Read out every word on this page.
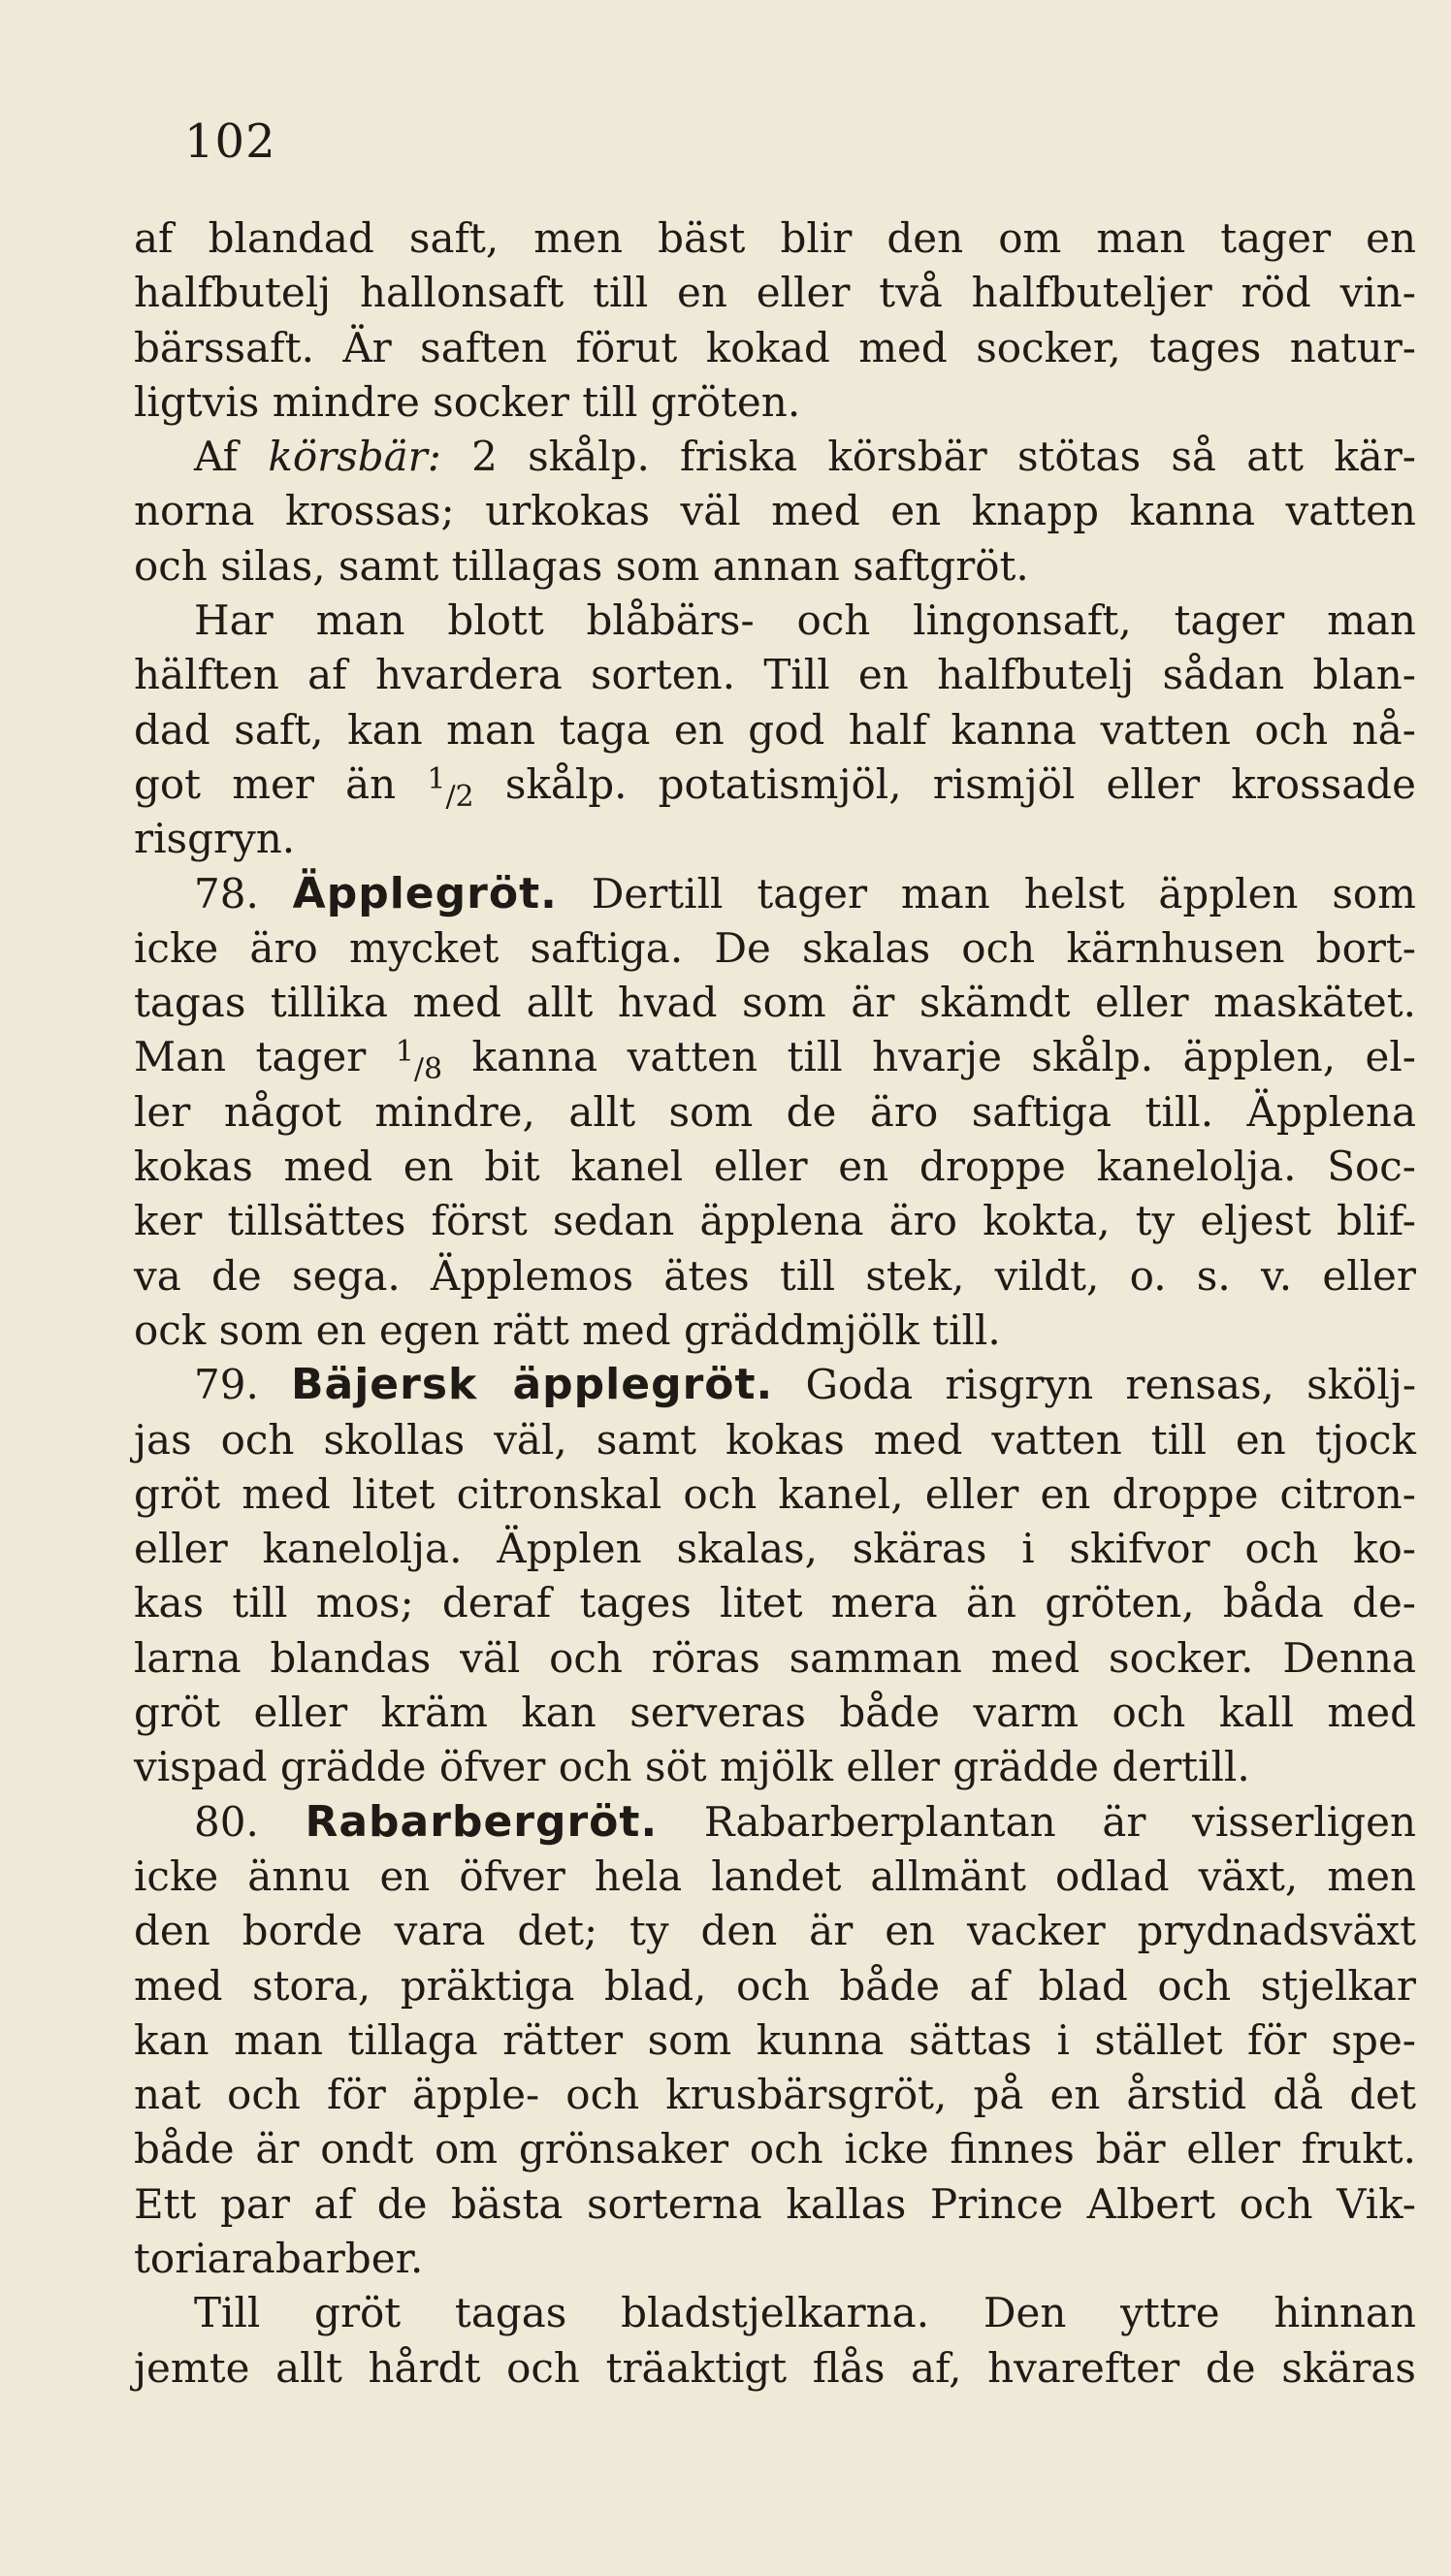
102
af blandad saft, men bäst blir den om man tager en
halfbutelj hallonsaft till en eller två halfbuteljer röd vin-
bärssaft. Är saften förut kokad med socker, tages natur-
ligtvis mindre socker till gröten.
Af körsbär: 2 skålp. friska körsbär stötas så att kär-
norna krossas; urkokas väl med en knapp kanna vatten
och silas, samt tillagas som annan saftgröt.
Har man blott blåbärs- och lingonsaft, tager man
hälften af hvardera sorten. Till en halfbutelj sådan blan-
dad saft, kan man taga en god half kanna vatten och nå-
got mer än $^1$/2 skålp. potatismjöl, rismjöl eller krossade
risgryn.
78. Äpplegröt. Dertill tager man helst äpplen som
icke äro mycket saftiga. De skalas och kärnhusen bort-
tagas tillika med allt hvad som är skämdt eller maskätet.
Man tager $^1$/8 kanna vatten till hvarje skålp. äpplen, el-
ler något mindre, allt som de äro saftiga till. Äpplena
kokas med en bit kanel eller en droppe kanelolja. Soc-
ker tillsättes först sedan äpplena äro kokta, ty eljest blif-
va de sega. Äpplemos ätes till stek, vildt, o. s. v. eller
ock som en egen rätt med gräddmjölk till.
79. Bäjersk äpplegröt. Goda risgryn rensas, skölj-
jas och skollas väl, samt kokas med vatten till en tjock
gröt med litet citronskal och kanel, eller en droppe citron-
eller kanelolja. Äpplen skalas, skäras i skifvor och ko-
kas till mos; deraf tages litet mera än gröten, båda de-
larna blandas väl och röras samman med socker. Denna
gröt eller kräm kan serveras både varm och kall med
vispad grädde öfver och söt mjölk eller grädde dertill.
80. Rabarbergröt. Rabarberplantan är visserligen
icke ännu en öfver hela landet allmänt odlad växt, men
den borde vara det; ty den är en vacker prydnadsväxt
med stora, präktiga blad, och både af blad och stjelkar
kan man tillaga rätter som kunna sättas i stället för spe-
nat och för äpple- och krusbärsgröt, på en årstid då det
både är ondt om grönsaker och icke finnes bär eller frukt.
Ett par af de bästa sorterna kallas Prince Albert och Vik-
toriarabarber.
Till gröt tagas bladstjelkarna. Den yttre hinnan
jemte allt hårdt och träaktigt flås af, hvarefter de skäras
